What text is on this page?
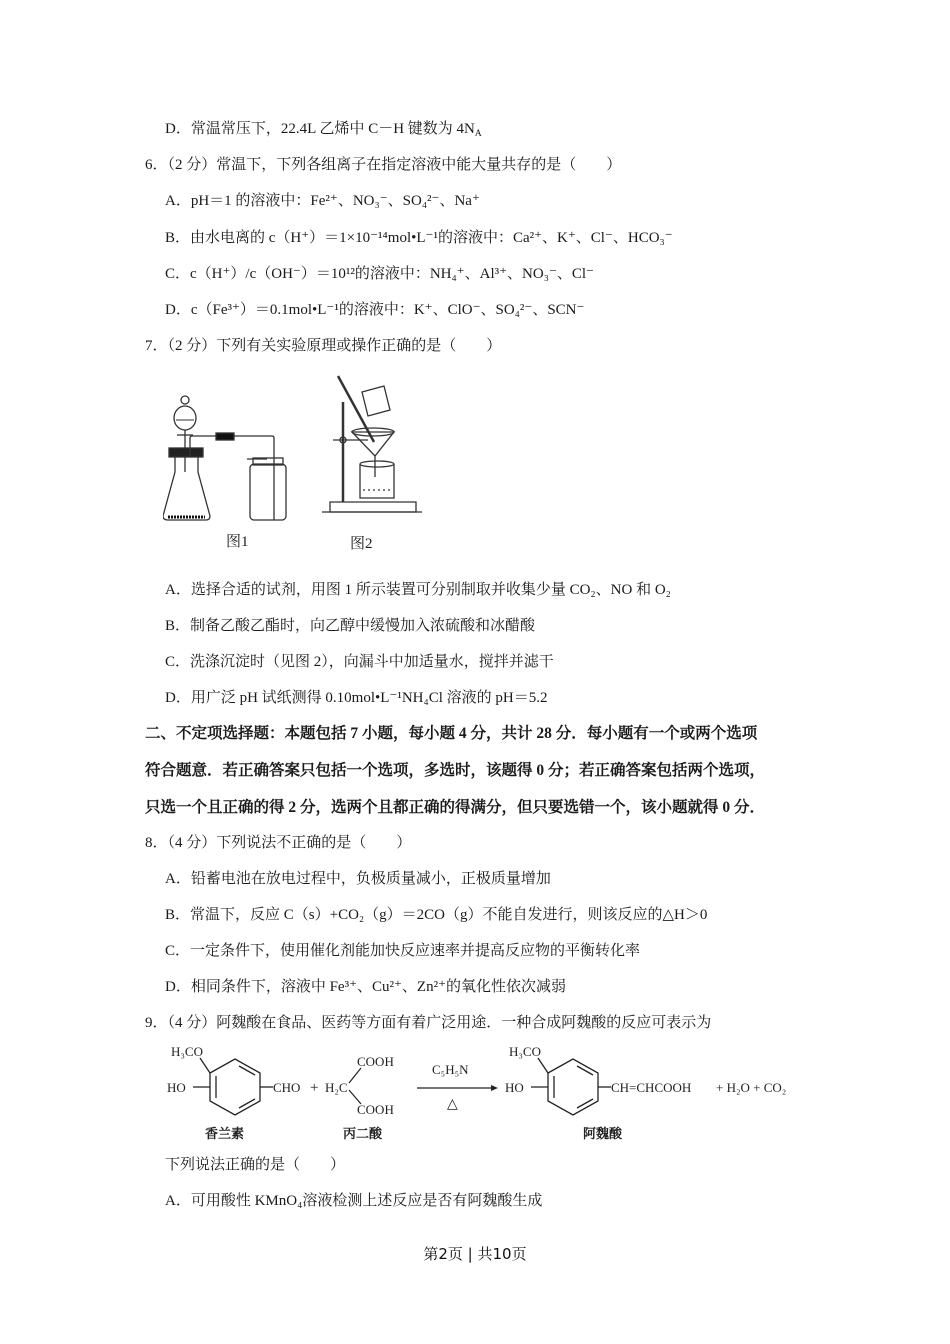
D．常温常压下，22.4L 乙烯中 C－H 键数为 $4N_A$
6．（2 分）常温下，下列各组离子在指定溶液中能大量共存的是（　　）
A．pH＝1 的溶液中：Fe²⁺、NO₃⁻、SO₄²⁻、Na⁺
B．由水电离的 c（H⁺）＝1×10⁻¹⁴mol•L⁻¹的溶液中：Ca²⁺、K⁺、Cl⁻、HCO₃⁻
C．c（H⁺）/c（OH⁻）＝10¹²的溶液中：NH₄⁺、Al³⁺、NO₃⁻、Cl⁻
D．c（Fe³⁺）＝0.1mol•L⁻¹的溶液中：K⁺、ClO⁻、SO₄²⁻、SCN⁻
7．（2 分）下列有关实验原理或操作正确的是（　　）
图1	图2
A．选择合适的试剂，用图 1 所示装置可分别制取并收集少量 CO₂、NO 和 O₂
B．制备乙酸乙酯时，向乙醇中缓慢加入浓硫酸和冰醋酸
C．洗涤沉淀时（见图 2），向漏斗中加适量水，搅拌并滤干
D．用广泛 pH 试纸测得 0.10mol•L⁻¹NH₄Cl 溶液的 pH＝5.2
二、不定项选择题：本题包括 7 小题，每小题 4 分，共计 28 分．每小题有一个或两个选项
符合题意．若正确答案只包括一个选项，多选时，该题得 0 分；若正确答案包括两个选项，
只选一个且正确的得 2 分，选两个且都正确的得满分，但只要选错一个，该小题就得 0 分．
8．（4 分）下列说法不正确的是（　　）
A．铅蓄电池在放电过程中，负极质量减小，正极质量增加
B．常温下，反应 C（s）+CO₂（g）＝2CO（g）不能自发进行，则该反应的△H＞0
C．一定条件下，使用催化剂能加快反应速率并提高反应物的平衡转化率
D．相同条件下，溶液中 Fe³⁺、Cu²⁺、Zn²⁺的氧化性依次减弱
9．（4 分）阿魏酸在食品、医药等方面有着广泛用途．一种合成阿魏酸的反应可表示为
H₃CO
HO	CHO
香兰素
+ H₂C
COOH
COOH
丙二酸
C₅H₅N
△
H₃CO
HO	CH=CHCOOH
阿魏酸
+ H₂O + CO₂
下列说法正确的是（　　）
A．可用酸性 KMnO₄溶液检测上述反应是否有阿魏酸生成
第2页 | 共10页
